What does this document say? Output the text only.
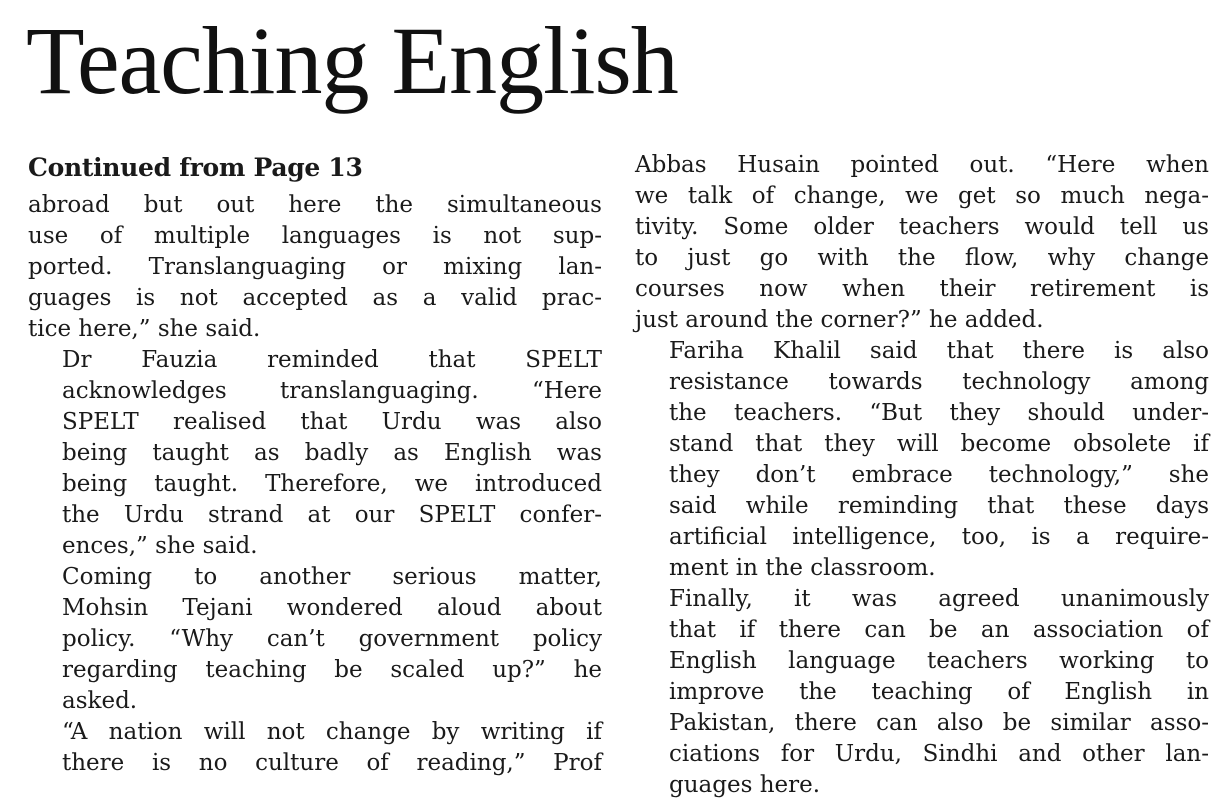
Teaching English

Continued from Page 13

abroad but out here the simultaneous
use of multiple languages is not sup-
ported. Translanguaging or mixing lan-
guages is not accepted as a valid prac-
tice here,” she said.

Dr Fauzia reminded that SPELT
acknowledges translanguaging. “Here
SPELT realised that Urdu was also
being taught as badly as English was
being taught. Therefore, we introduced
the Urdu strand at our SPELT confer-
ences,” she said.

Coming to another serious matter,
Mohsin Tejani wondered aloud about
policy. “Why can’t government policy
regarding teaching be scaled up?” he
asked.

“A nation will not change by writing if
there is no culture of reading,” Prof

Abbas Husain pointed out. “Here when
we talk of change, we get so much nega-
tivity. Some older teachers would tell us
to just go with the flow, why change
courses now when their retirement is
just around the corner?” he added.

Fariha Khalil said that there is also
resistance towards technology among
the teachers. “But they should under-
stand that they will become obsolete if
they don’t embrace technology,” she
said while reminding that these days
artificial intelligence, too, is a require-
ment in the classroom.

Finally, it was agreed unanimously
that if there can be an association of
English language teachers working to
improve the teaching of English in
Pakistan, there can also be similar asso-
ciations for Urdu, Sindhi and other lan-
guages here.
